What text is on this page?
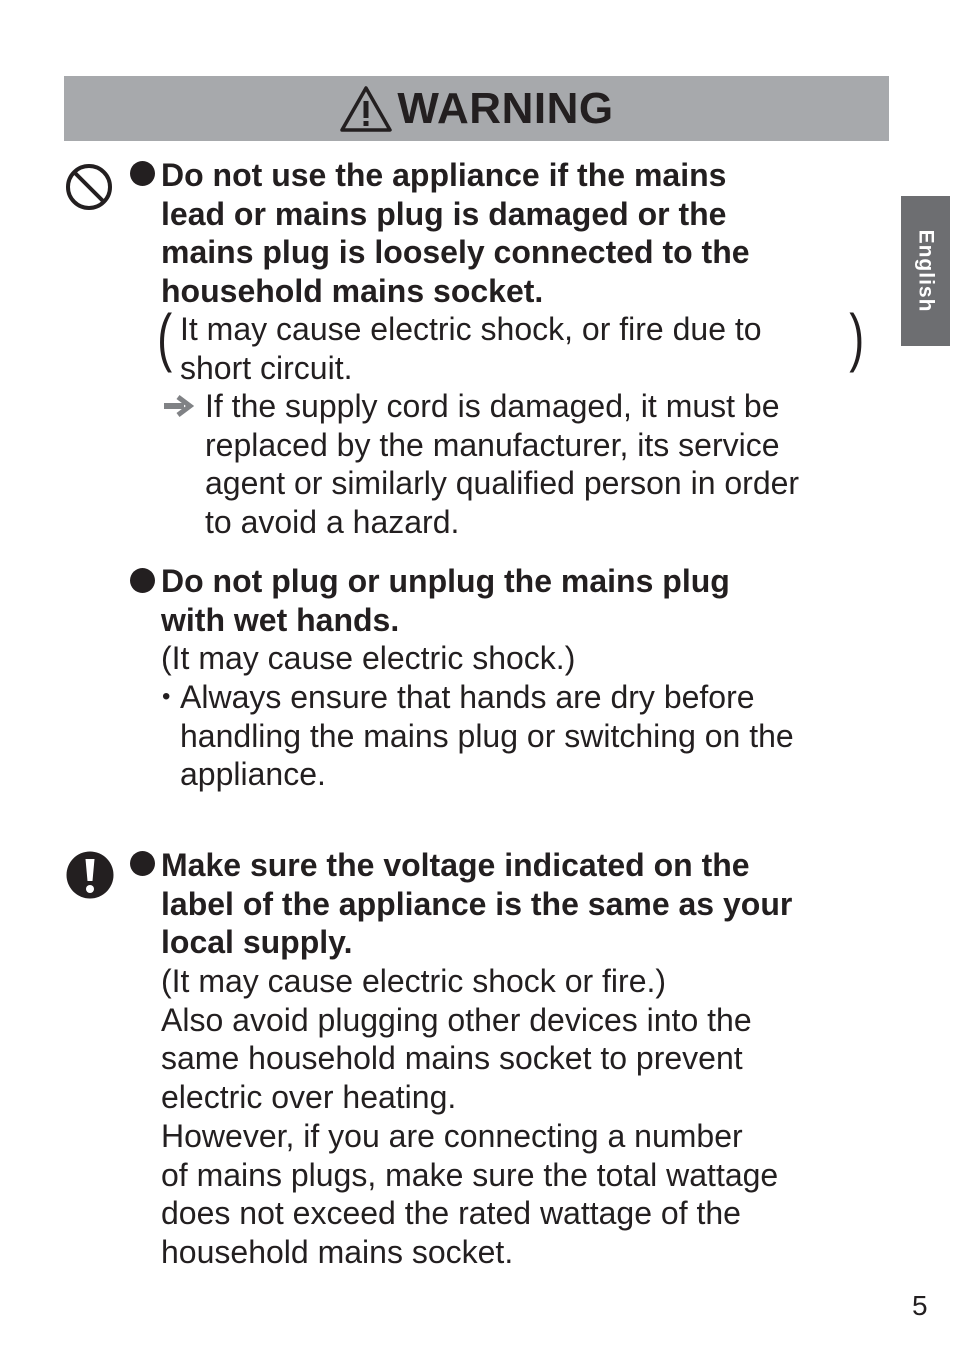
WARNING
English

Do not use the appliance if the mains
lead or mains plug is damaged or the
mains plug is loosely connected to the
household mains socket.

( It may cause electric shock, or fire due to
short circuit.	)

If the supply cord is damaged, it must be
replaced by the manufacturer, its service
agent or similarly qualified person in order
to avoid a hazard.

Do not plug or unplug the mains plug
with wet hands.

(It may cause electric shock.)

• Always ensure that hands are dry before
handling the mains plug or switching on the
appliance.

Make sure the voltage indicated on the
label of the appliance is the same as your
local supply.

(It may cause electric shock or fire.)
Also avoid plugging other devices into the
same household mains socket to prevent
electric over heating.
However, if you are connecting a number
of mains plugs, make sure the total wattage
does not exceed the rated wattage of the
household mains socket.

5
